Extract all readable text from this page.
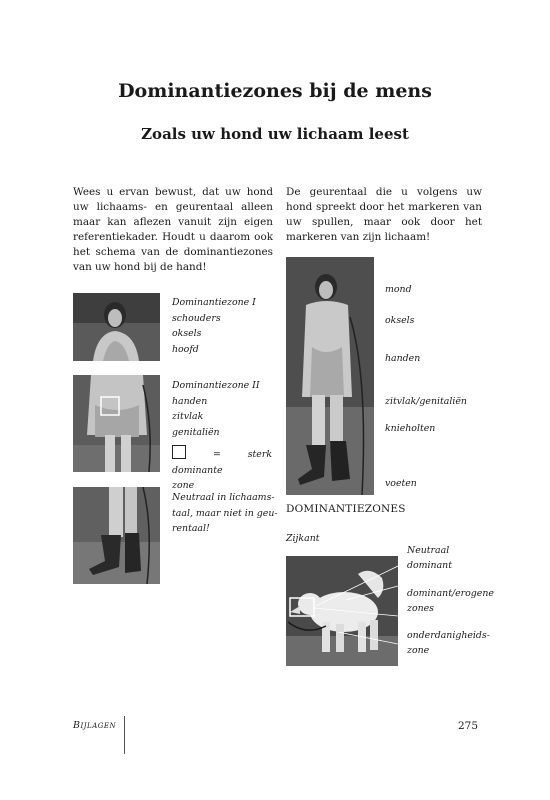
Dominantiezones bij de mens
Zoals uw hond uw lichaam leest
Wees u ervan bewust, dat uw hond uw lichaams- en geurentaal alleen maar kan aflezen vanuit zijn eigen referentiekader. Houdt u daarom ook het schema van de dominantiezones van uw hond bij de hand!
De geurentaal die u volgens uw hond spreekt door het markeren van uw spullen, maar ook door het markeren van zijn lichaam!
Dominantiezone I
schouders
oksels
hoofd
Dominantiezone II
handen
zitvlak
genitaliën
= sterk dominante
zone
Neutraal in lichaams-
taal, maar niet in geu-
rentaal!
mond
oksels
handen
zitvlak/genitaliën
knieholten
voeten
DOMINANTIEZONES
Zijkant
Neutraal
dominant
dominant/erogene
zones
onderdanigheids-
zone
Bijlagen	275
